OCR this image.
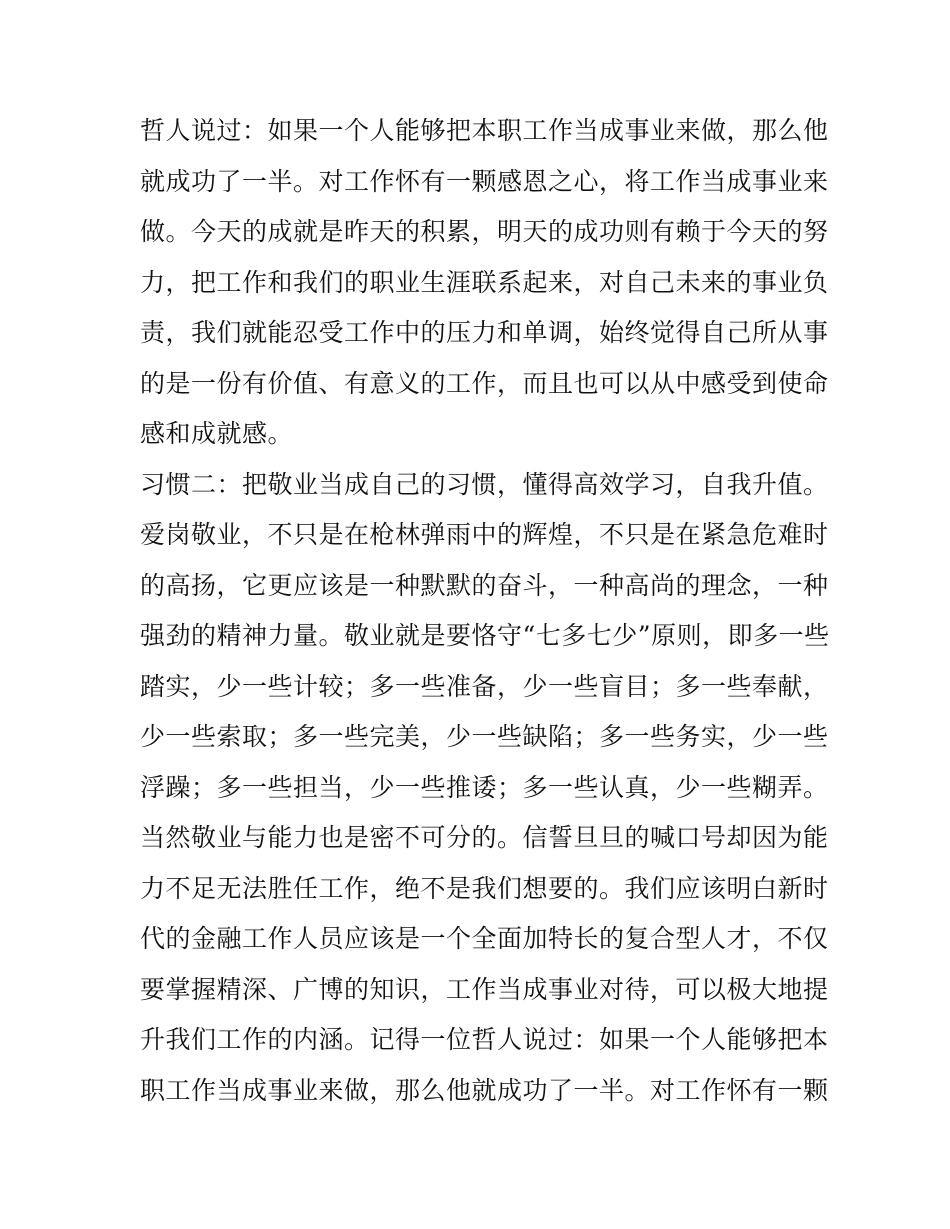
哲人说过：如果一个人能够把本职工作当成事业来做，那么他
就成功了一半。对工作怀有一颗感恩之心，将工作当成事业来
做。今天的成就是昨天的积累，明天的成功则有赖于今天的努
力，把工作和我们的职业生涯联系起来，对自己未来的事业负
责，我们就能忍受工作中的压力和单调，始终觉得自己所从事
的是一份有价值、有意义的工作，而且也可以从中感受到使命
感和成就感。
习惯二：把敬业当成自己的习惯，懂得高效学习，自我升值。
爱岗敬业，不只是在枪林弹雨中的辉煌，不只是在紧急危难时
的高扬，它更应该是一种默默的奋斗，一种高尚的理念，一种
强劲的精神力量。敬业就是要恪守“七多七少”原则，即多一些
踏实，少一些计较；多一些准备，少一些盲目；多一些奉献，
少一些索取；多一些完美，少一些缺陷；多一些务实，少一些
浮躁；多一些担当，少一些推诿；多一些认真，少一些糊弄。
当然敬业与能力也是密不可分的。信誓旦旦的喊口号却因为能
力不足无法胜任工作，绝不是我们想要的。我们应该明白新时
代的金融工作人员应该是一个全面加特长的复合型人才，不仅
要掌握精深、广博的知识，工作当成事业对待，可以极大地提
升我们工作的内涵。记得一位哲人说过：如果一个人能够把本
职工作当成事业来做，那么他就成功了一半。对工作怀有一颗
